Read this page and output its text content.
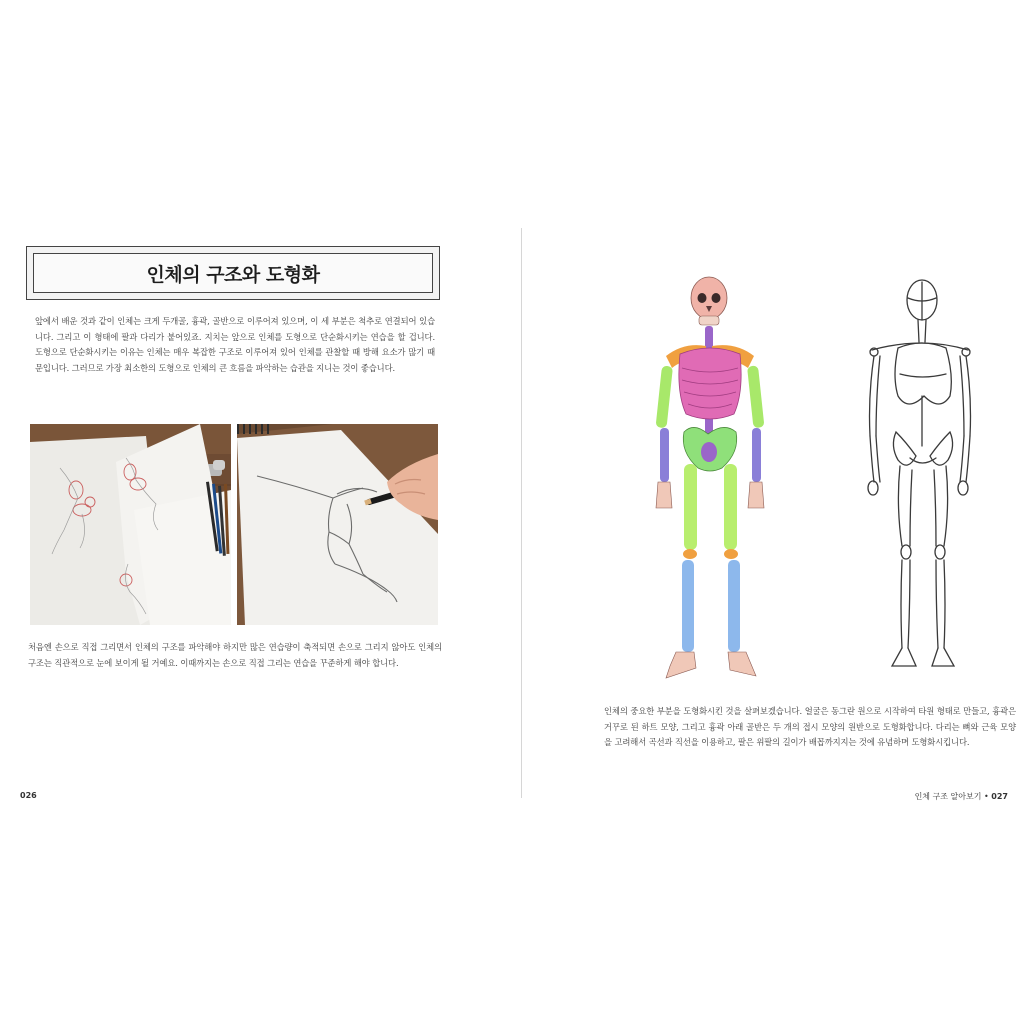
인체의 구조와 도형화

앞에서 배운 것과 같이 인체는 크게 두개골, 흉곽, 골반으로 이루어져 있으며, 이 세 부분은 척추로 연결되어 있습니다. 그리고 이 형태에 팔과 다리가 붙어있죠. 지치는 앞으로 인체를 도형으로 단순화시키는 연습을 할 겁니다. 도형으로 단순화시키는 이유는 인체는 매우 복잡한 구조로 이루어져 있어 인체를 관찰할 때 방해 요소가 많기 때문입니다. 그러므로 가장 최소한의 도형으로 인체의 큰 흐름을 파악하는 습관을 지니는 것이 좋습니다.

처음엔 손으로 직접 그리면서 인체의 구조를 파악해야 하지만 많은 연습량이 축적되면 손으로 그리지 않아도 인체의 구조는 직관적으로 눈에 보이게 될 거예요. 이때까지는 손으로 직접 그리는 연습을 꾸준하게 해야 합니다.

026

인체의 중요한 부분을 도형화시킨 것을 살펴보겠습니다. 얼굴은 동그란 원으로 시작하여 타원 형태로 만들고, 흉곽은 거꾸로 된 하트 모양, 그리고 흉곽 아래 골반은 두 개의 접시 모양의 원반으로 도형화합니다. 다리는 뼈와 근육 모양을 고려해서 곡선과 직선을 이용하고, 팔은 위팔의 길이가 배꼽까지지는 것에 유념하며 도형화시킵니다.

인체 구조 알아보기 • 027
